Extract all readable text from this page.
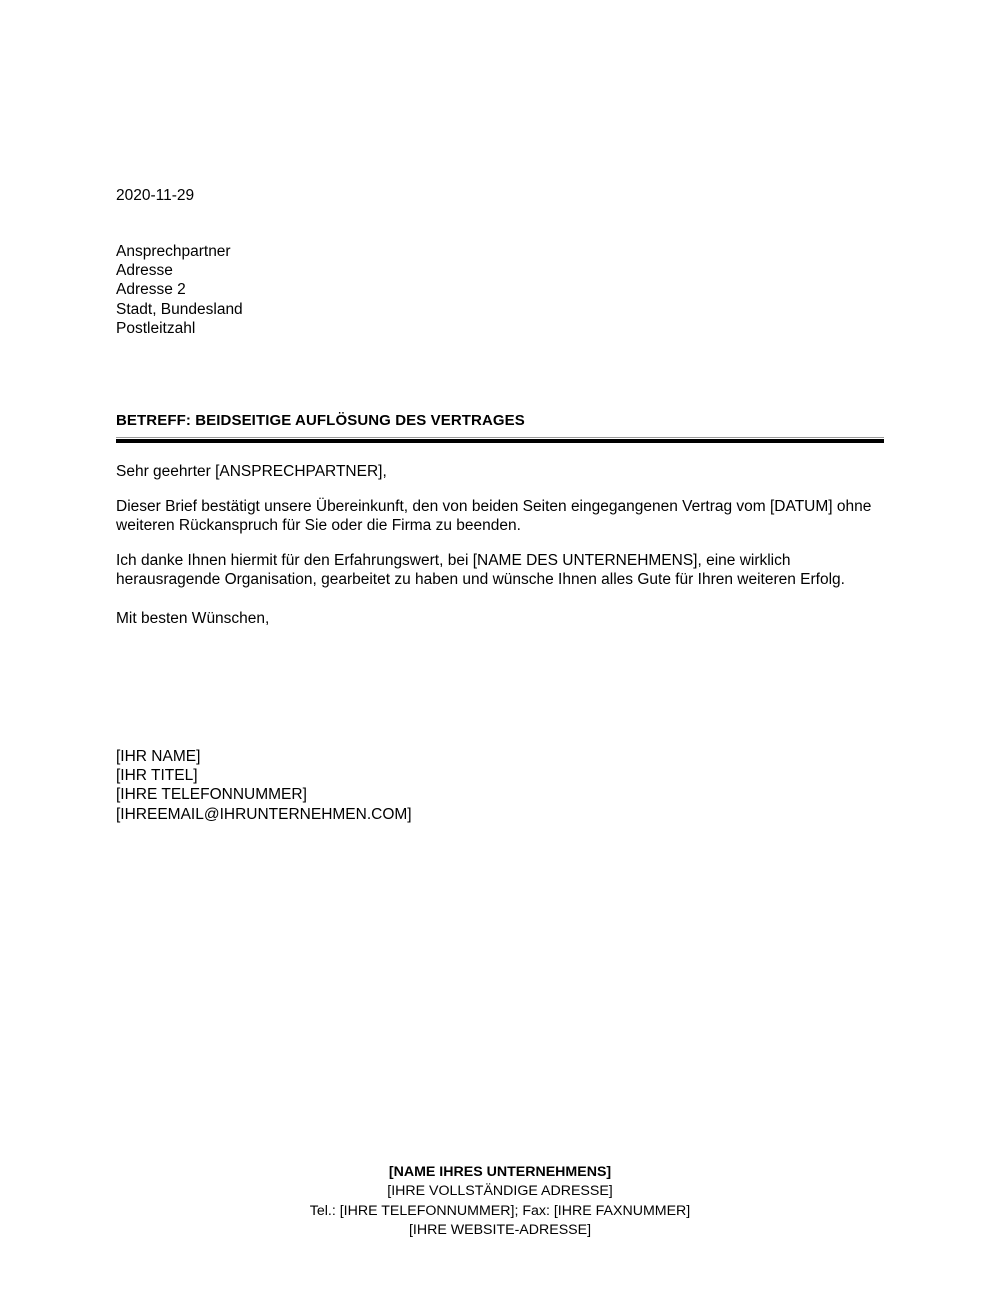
2020-11-29
Ansprechpartner
Adresse
Adresse 2
Stadt, Bundesland
Postleitzahl
BETREFF: BEIDSEITIGE AUFLÖSUNG DES VERTRAGES

Sehr geehrter [ANSPRECHPARTNER],

Dieser Brief bestätigt unsere Übereinkunft, den von beiden Seiten eingegangenen Vertrag vom [DATUM] ohne weiteren Rückanspruch für Sie oder die Firma zu beenden.

Ich danke Ihnen hiermit für den Erfahrungswert, bei [NAME DES UNTERNEHMENS], eine wirklich herausragende Organisation, gearbeitet zu haben und wünsche Ihnen alles Gute für Ihren weiteren Erfolg.

Mit besten Wünschen,

[IHR NAME]
[IHR TITEL]
[IHRE TELEFONNUMMER]
[IHREEMAIL@IHRUNTERNEHMEN.COM]
[NAME IHRES UNTERNEHMENS]
[IHRE VOLLSTÄNDIGE ADRESSE]
Tel.: [IHRE TELEFONNUMMER]; Fax: [IHRE FAXNUMMER]
[IHRE WEBSITE-ADRESSE]
